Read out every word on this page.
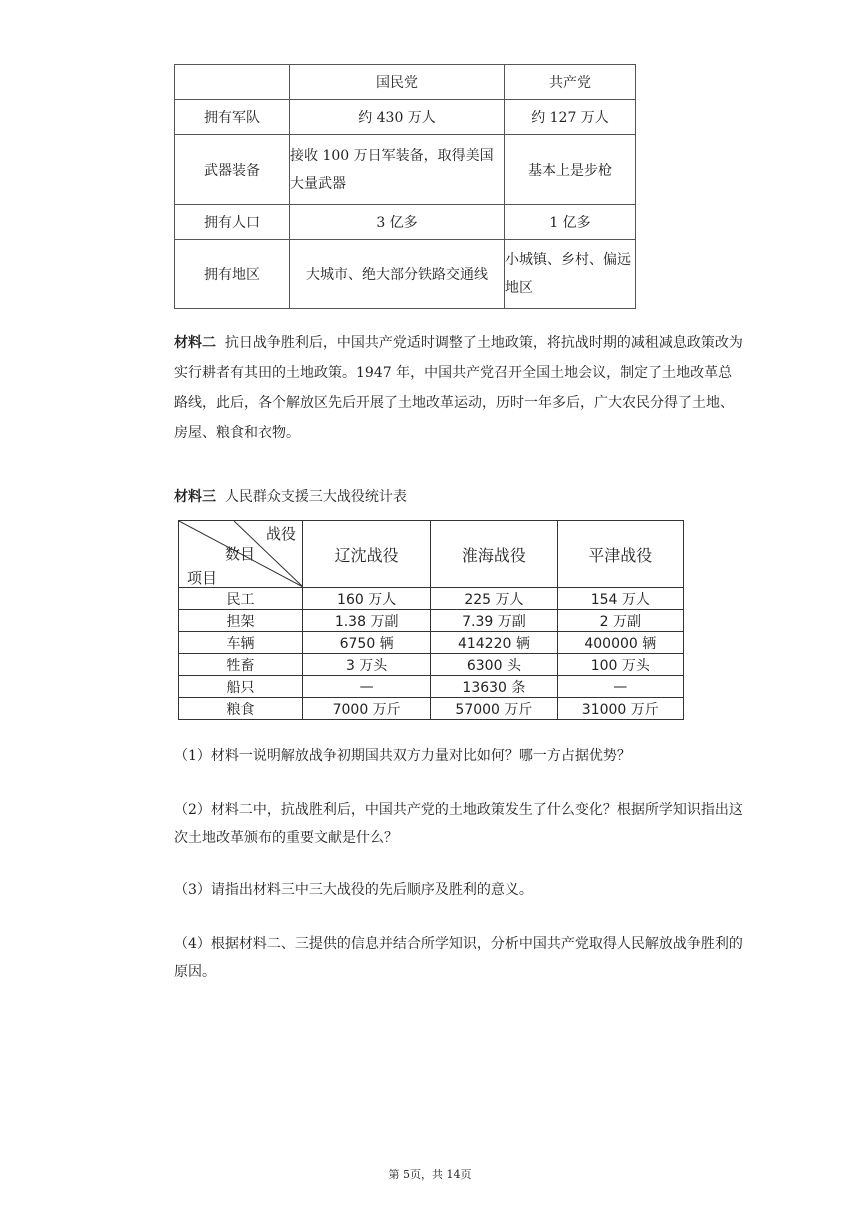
	国民党	共产党
拥有军队	约 430 万人	约 127 万人
武器装备	接收 100 万日军装备，取得美国大量武器	基本上是步枪
拥有人口	3 亿多	1 亿多
拥有地区	大城市、绝大部分铁路交通线	小城镇、乡村、偏远地区
材料二 抗日战争胜利后，中国共产党适时调整了土地政策，将抗战时期的减租减息政策改为实行耕者有其田的土地政策。1947 年，中国共产党召开全国土地会议，制定了土地改革总路线，此后，各个解放区先后开展了土地改革运动，历时一年多后，广大农民分得了土地、房屋、粮食和衣物。
材料三 人民群众支援三大战役统计表
战役
数目
项目	辽沈战役	淮海战役	平津战役
民工	160 万人	225 万人	154 万人
担架	1.38 万副	7.39 万副	2 万副
车辆	6750 辆	414220 辆	400000 辆
牲畜	3 万头	6300 头	100 万头
船只	—	13630 条	—
粮食	7000 万斤	57000 万斤	31000 万斤
（1）材料一说明解放战争初期国共双方力量对比如何？哪一方占据优势？
（2）材料二中，抗战胜利后，中国共产党的土地政策发生了什么变化？根据所学知识指出这次土地改革颁布的重要文献是什么？
（3）请指出材料三中三大战役的先后顺序及胜利的意义。
（4）根据材料二、三提供的信息并结合所学知识，分析中国共产党取得人民解放战争胜利的原因。
第 5页，共 14页
